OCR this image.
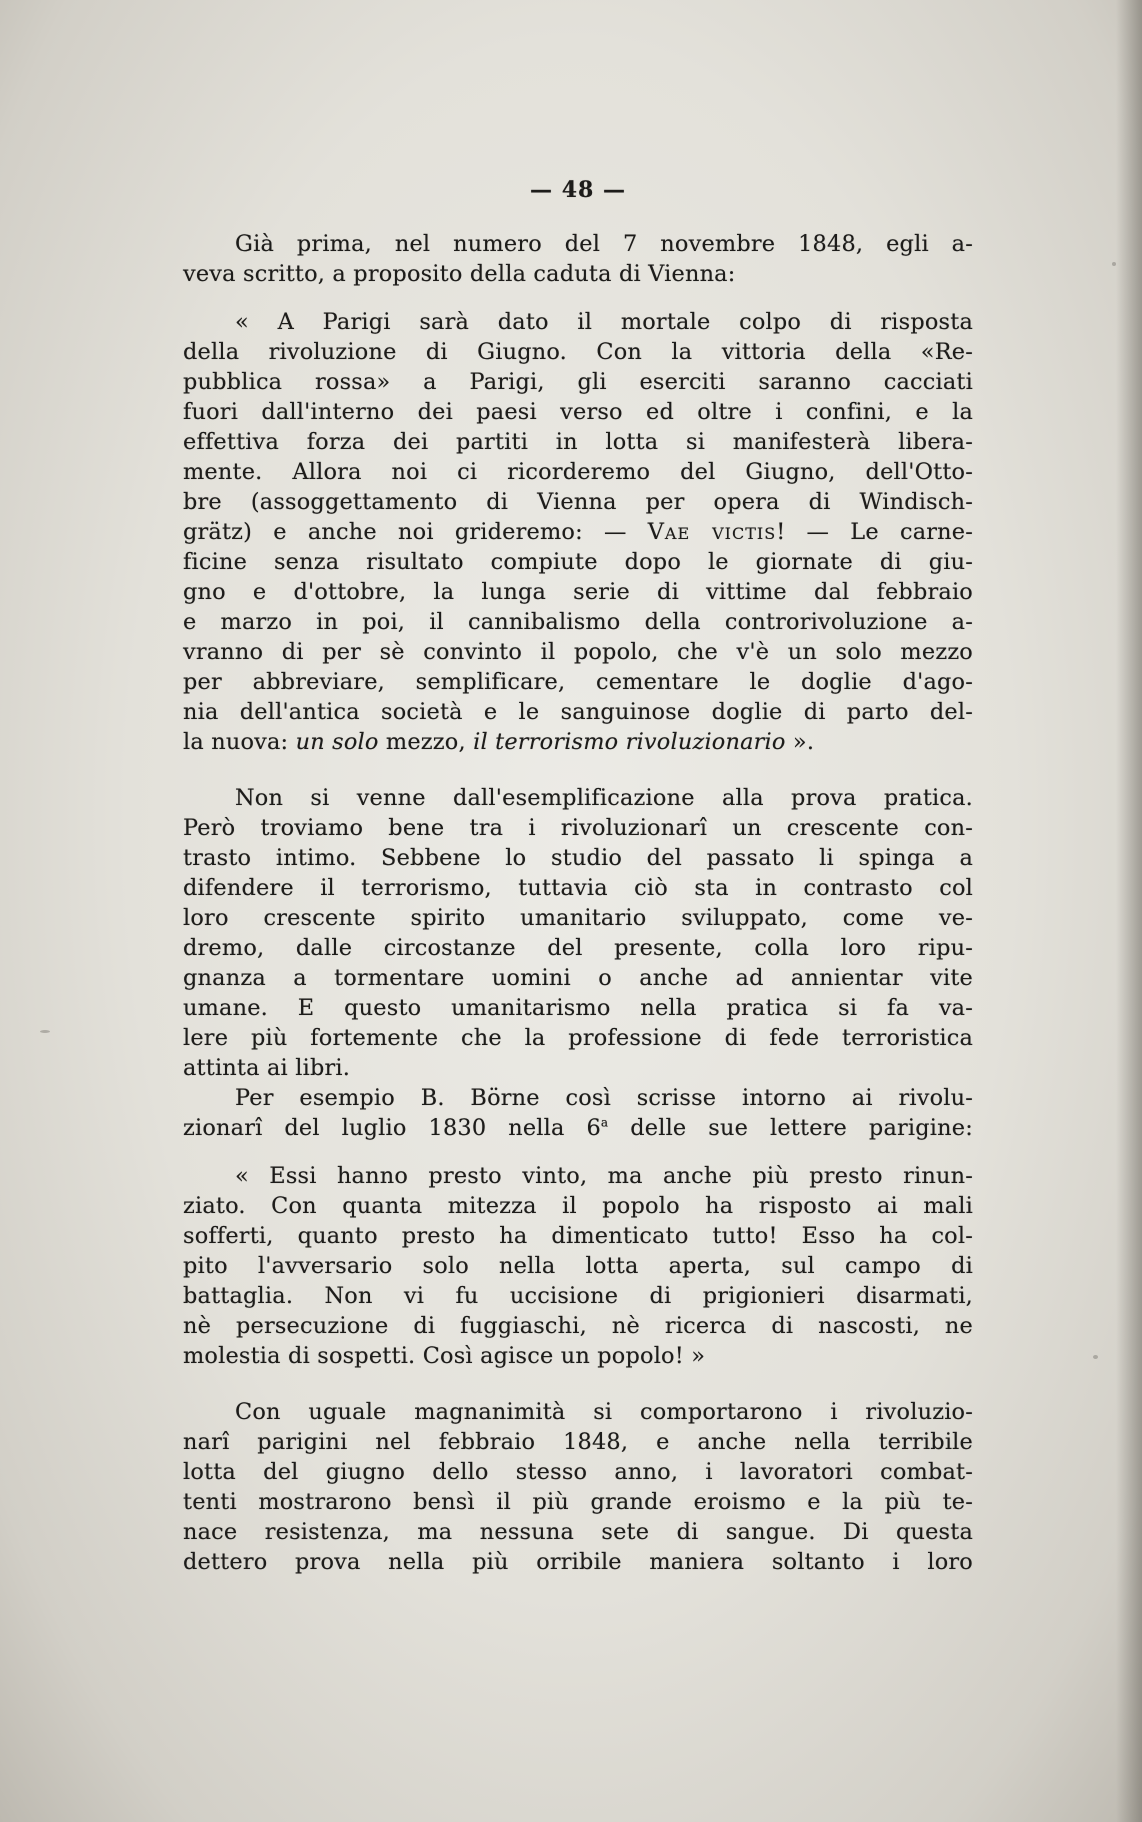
— 48 —
Già prima, nel numero del 7 novembre 1848, egli a-
veva scritto, a proposito della caduta di Vienna:
« A Parigi sarà dato il mortale colpo di risposta
della rivoluzione di Giugno. Con la vittoria della «Re-
pubblica rossa» a Parigi, gli eserciti saranno cacciati
fuori dall'interno dei paesi verso ed oltre i confini, e la
effettiva forza dei partiti in lotta si manifesterà libera-
mente. Allora noi ci ricorderemo del Giugno, dell'Otto-
bre (assoggettamento di Vienna per opera di Windisch-
grätz) e anche noi grideremo: — Vae victis! — Le carne-
ficine senza risultato compiute dopo le giornate di giu-
gno e d'ottobre, la lunga serie di vittime dal febbraio
e marzo in poi, il cannibalismo della controrivoluzione a-
vranno di per sè convinto il popolo, che v'è un solo mezzo
per abbreviare, semplificare, cementare le doglie d'ago-
nia dell'antica società e le sanguinose doglie di parto del-
la nuova: un solo mezzo, il terrorismo rivoluzionario ».
Non si venne dall'esemplificazione alla prova pratica.
Però troviamo bene tra i rivoluzionarî un crescente con-
trasto intimo. Sebbene lo studio del passato li spinga a
difendere il terrorismo, tuttavia ciò sta in contrasto col
loro crescente spirito umanitario sviluppato, come ve-
dremo, dalle circostanze del presente, colla loro ripu-
gnanza a tormentare uomini o anche ad annientar vite
umane. E questo umanitarismo nella pratica si fa va-
lere più fortemente che la professione di fede terroristica
attinta ai libri.
Per esempio B. Börne così scrisse intorno ai rivolu-
zionarî del luglio 1830 nella 6$^a$ delle sue lettere parigine:
« Essi hanno presto vinto, ma anche più presto rinun-
ziato. Con quanta mitezza il popolo ha risposto ai mali
sofferti, quanto presto ha dimenticato tutto! Esso ha col-
pito l'avversario solo nella lotta aperta, sul campo di
battaglia. Non vi fu uccisione di prigionieri disarmati,
nè persecuzione di fuggiaschi, nè ricerca di nascosti, ne
molestia di sospetti. Così agisce un popolo! »
Con uguale magnanimità si comportarono i rivoluzio-
narî parigini nel febbraio 1848, e anche nella terribile
lotta del giugno dello stesso anno, i lavoratori combat-
tenti mostrarono bensì il più grande eroismo e la più te-
nace resistenza, ma nessuna sete di sangue. Di questa
dettero prova nella più orribile maniera soltanto i loro
